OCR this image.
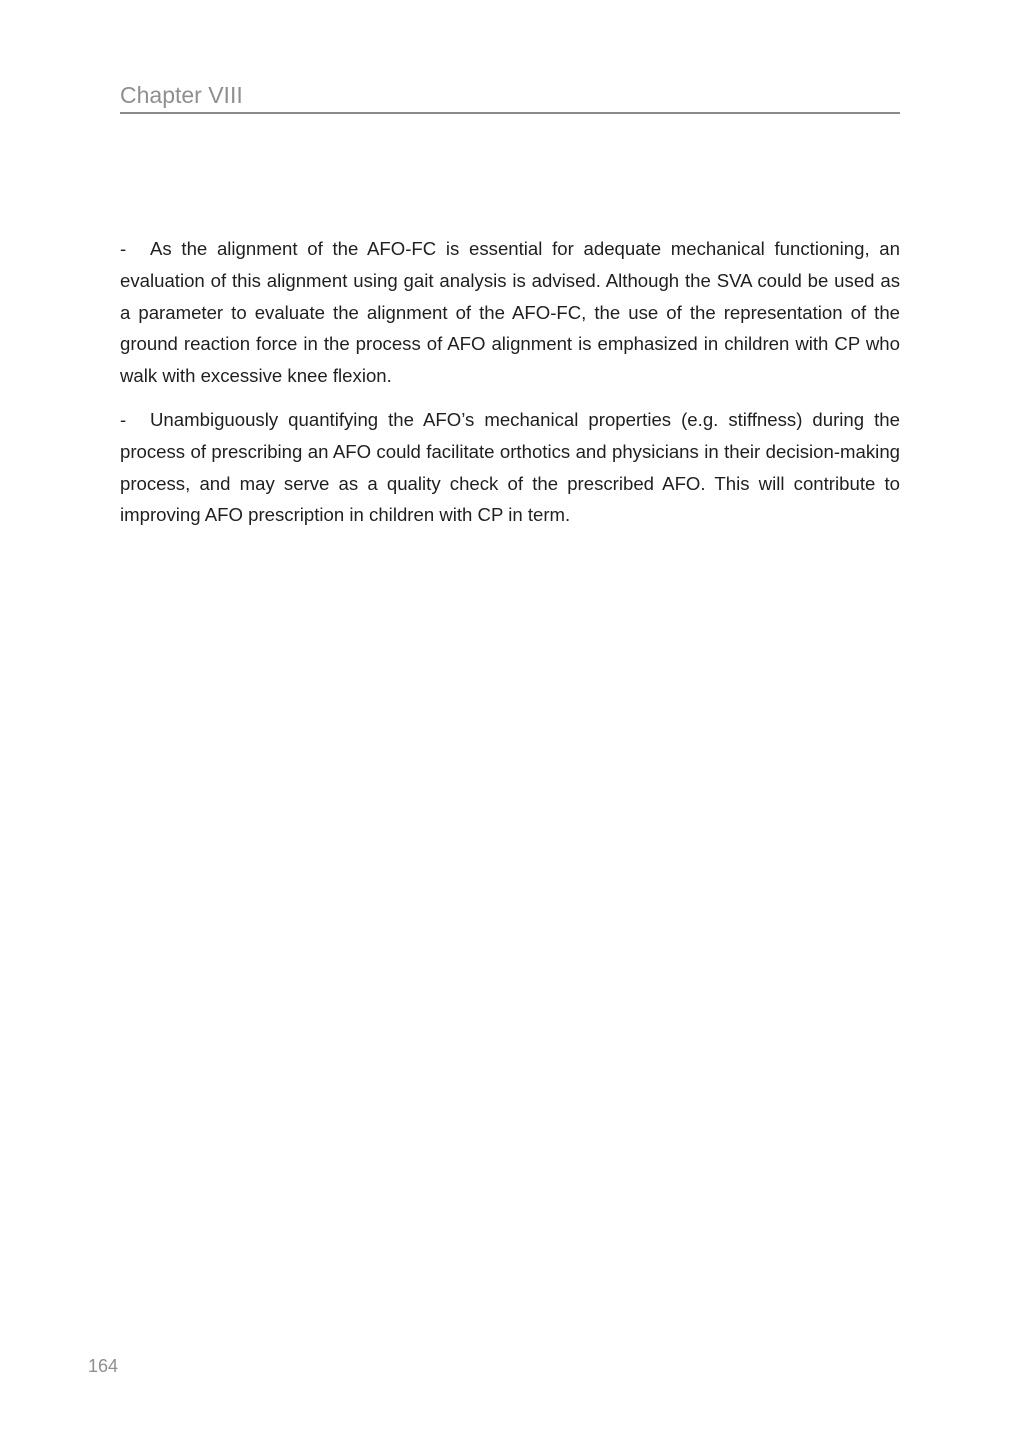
Chapter VIII

- As the alignment of the AFO-FC is essential for adequate mechanical functioning, an evaluation of this alignment using gait analysis is advised. Although the SVA could be used as a parameter to evaluate the alignment of the AFO-FC, the use of the representation of the ground reaction force in the process of AFO alignment is emphasized in children with CP who walk with excessive knee flexion.

- Unambiguously quantifying the AFO’s mechanical properties (e.g. stiffness) during the process of prescribing an AFO could facilitate orthotics and physicians in their decision-making process, and may serve as a quality check of the prescribed AFO. This will contribute to improving AFO prescription in children with CP in term.

164
